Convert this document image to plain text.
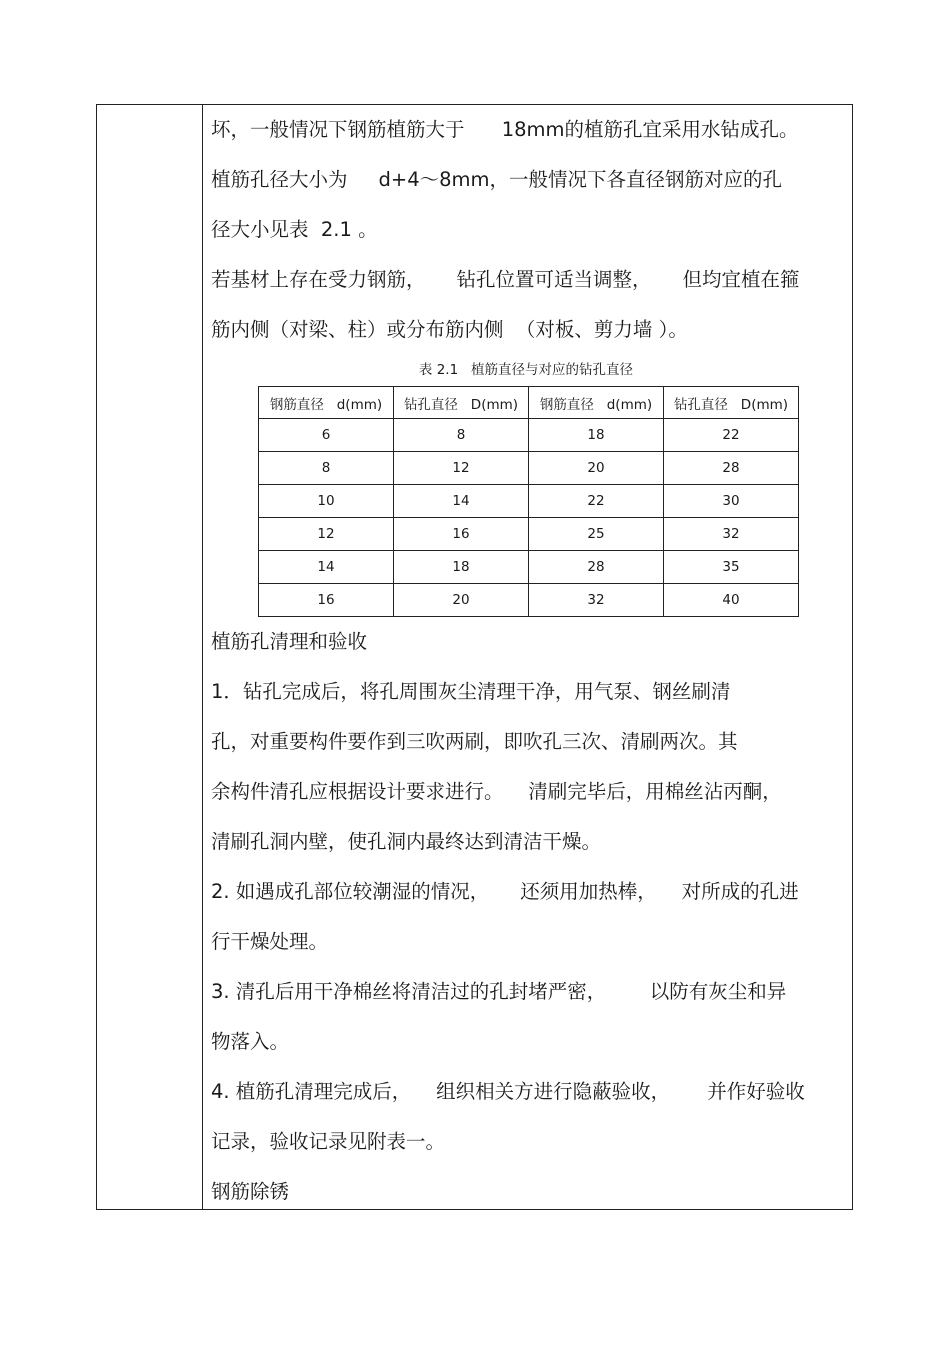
坏，一般情况下钢筋植筋大于      18mm的植筋孔宜采用水钻成孔。

植筋孔径大小为     d+4～8mm，一般情况下各直径钢筋对应的孔

径大小见表  2.1 。

若基材上存在受力钢筋，     钻孔位置可适当调整，     但均宜植在箍

筋内侧（对梁、柱）或分布筋内侧  （对板、剪力墙 ）。

表 2.1   植筋直径与对应的钻孔直径
钢筋直径   d(mm)	钻孔直径   D(mm)	钢筋直径   d(mm)	钻孔直径   D(mm)
6	8	18	22
8	12	20	28
10	14	22	30
12	16	25	32
14	18	28	35
16	20	32	40

植筋孔清理和验收

1．钻孔完成后，将孔周围灰尘清理干净，用气泵、钢丝刷清

孔，对重要构件要作到三吹两刷，即吹孔三次、清刷两次。其

余构件清孔应根据设计要求进行。    清刷完毕后，用棉丝沾丙酮，

清刷孔洞内壁，使孔洞内最终达到清洁干燥。

2. 如遇成孔部位较潮湿的情况，     还须用加热棒，    对所成的孔进

行干燥处理。

3. 清孔后用干净棉丝将清洁过的孔封堵严密，       以防有灰尘和异

物落入。

4. 植筋孔清理完成后，    组织相关方进行隐蔽验收，      并作好验收

记录，验收记录见附表一。

钢筋除锈
